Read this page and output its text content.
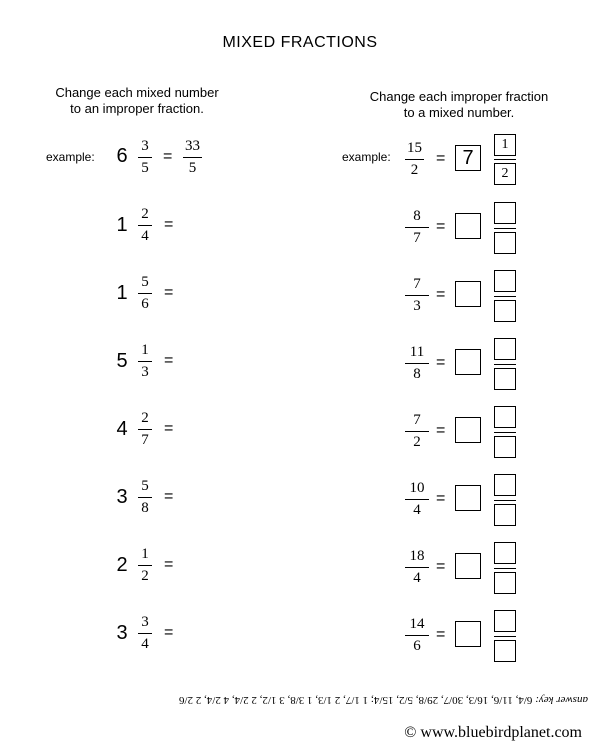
MIXED FRACTIONS
Change each mixed number
to an improper fraction.
Change each improper fraction
to a mixed number.
example: 6 3
5
=
33
5
example:
15
2
= 7	$\frac{1}{2}$
1 2
4
=
1 5
6
=
5 1
3
=
4 2
7
=
3 5
8
=
2 1
2
=
3 3
4
=
8
7
=
7
3
=
11
8
=
7
2
=
10
4
=
18
4
=
14
6
=
answer key: 6/4, 11/6, 16/3, 30/7, 29/8, 5/2, 15/4; 1 1/7, 2 1/3, 1 3/8, 3 1/2, 2 2/4, 4 2/4, 2 2/6
© www.bluebirdplanet.com
